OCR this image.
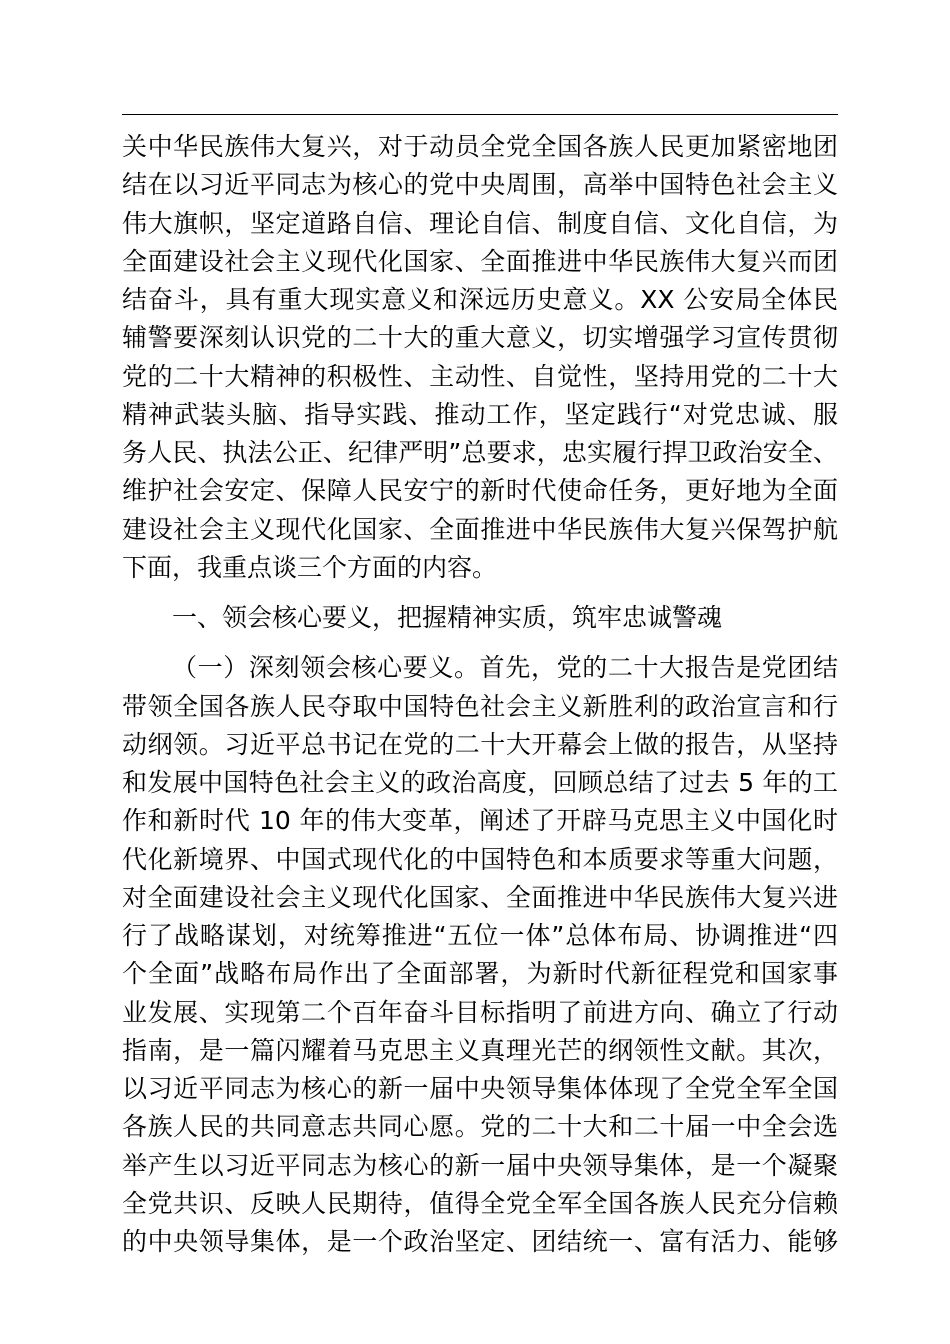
关中华民族伟大复兴，对于动员全党全国各族人民更加紧密地团
结在以习近平同志为核心的党中央周围，高举中国特色社会主义
伟大旗帜，坚定道路自信、理论自信、制度自信、文化自信，为
全面建设社会主义现代化国家、全面推进中华民族伟大复兴而团
结奋斗，具有重大现实意义和深远历史意义。XX 公安局全体民
辅警要深刻认识党的二十大的重大意义，切实增强学习宣传贯彻
党的二十大精神的积极性、主动性、自觉性，坚持用党的二十大
精神武装头脑、指导实践、推动工作，坚定践行“对党忠诚、服
务人民、执法公正、纪律严明”总要求，忠实履行捍卫政治安全、
维护社会安定、保障人民安宁的新时代使命任务，更好地为全面
建设社会主义现代化国家、全面推进中华民族伟大复兴保驾护航
下面，我重点谈三个方面的内容。
一、领会核心要义，把握精神实质，筑牢忠诚警魂
（一）深刻领会核心要义。首先，党的二十大报告是党团结
带领全国各族人民夺取中国特色社会主义新胜利的政治宣言和行
动纲领。习近平总书记在党的二十大开幕会上做的报告，从坚持
和发展中国特色社会主义的政治高度，回顾总结了过去 5 年的工
作和新时代 10 年的伟大变革，阐述了开辟马克思主义中国化时
代化新境界、中国式现代化的中国特色和本质要求等重大问题，
对全面建设社会主义现代化国家、全面推进中华民族伟大复兴进
行了战略谋划，对统筹推进“五位一体”总体布局、协调推进“四
个全面”战略布局作出了全面部署，为新时代新征程党和国家事
业发展、实现第二个百年奋斗目标指明了前进方向、确立了行动
指南，是一篇闪耀着马克思主义真理光芒的纲领性文献。其次，
以习近平同志为核心的新一届中央领导集体体现了全党全军全国
各族人民的共同意志共同心愿。党的二十大和二十届一中全会选
举产生以习近平同志为核心的新一届中央领导集体，是一个凝聚
全党共识、反映人民期待，值得全党全军全国各族人民充分信赖
的中央领导集体，是一个政治坚定、团结统一、富有活力、能够
